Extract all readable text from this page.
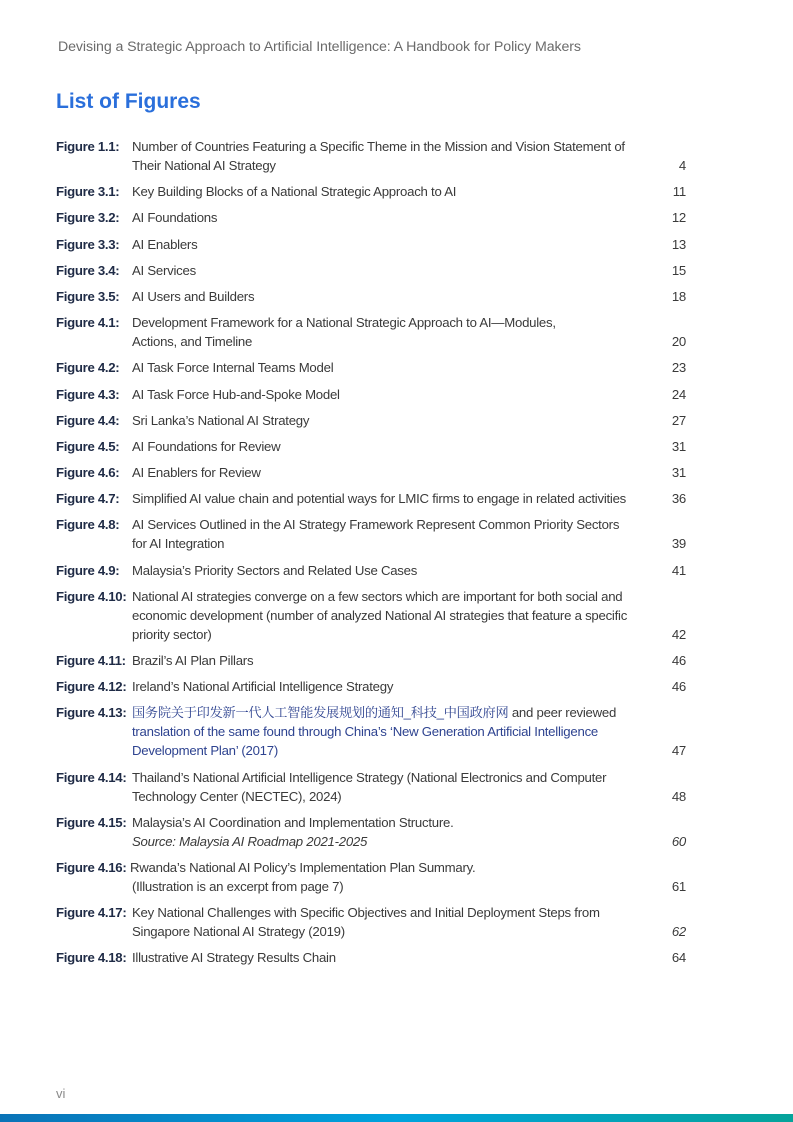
Devising a Strategic Approach to Artificial Intelligence: A Handbook for Policy Makers
List of Figures
Figure 1.1: Number of Countries Featuring a Specific Theme in the Mission and Vision Statement of
Their National AI Strategy	4
Figure 3.1: Key Building Blocks of a National Strategic Approach to AI	11
Figure 3.2: AI Foundations	12
Figure 3.3: AI Enablers	13
Figure 3.4: AI Services	15
Figure 3.5: AI Users and Builders	18
Figure 4.1: Development Framework for a National Strategic Approach to AI—Modules,
Actions, and Timeline	20
Figure 4.2: AI Task Force Internal Teams Model	23
Figure 4.3: AI Task Force Hub-and-Spoke Model	24
Figure 4.4: Sri Lanka’s National AI Strategy	27
Figure 4.5: AI Foundations for Review	31
Figure 4.6: AI Enablers for Review	31
Figure 4.7: Simplified AI value chain and potential ways for LMIC firms to engage in related activities	36
Figure 4.8: AI Services Outlined in the AI Strategy Framework Represent Common Priority Sectors
for AI Integration	39
Figure 4.9: Malaysia’s Priority Sectors and Related Use Cases	41
Figure 4.10: National AI strategies converge on a few sectors which are important for both social and
economic development (number of analyzed National AI strategies that feature a specific
priority sector)	42
Figure 4.11: Brazil’s AI Plan Pillars	46
Figure 4.12: Ireland’s National Artificial Intelligence Strategy	46
Figure 4.13: 国务院关于印发新一代人工智能发展规划的通知_科技_中国政府网 and peer reviewed
translation of the same found through China’s ‘New Generation Artificial Intelligence
Development Plan’ (2017)	47
Figure 4.14: Thailand’s National Artificial Intelligence Strategy (National Electronics and Computer
Technology Center (NECTEC), 2024)	48
Figure 4.15: Malaysia’s AI Coordination and Implementation Structure.
Source: Malaysia AI Roadmap 2021-2025	60
Figure 4.16: Rwanda’s National AI Policy’s Implementation Plan Summary.
(Illustration is an excerpt from page 7)	61
Figure 4.17: Key National Challenges with Specific Objectives and Initial Deployment Steps from
Singapore National AI Strategy (2019)	62
Figure 4.18: Illustrative AI Strategy Results Chain	64
vi
